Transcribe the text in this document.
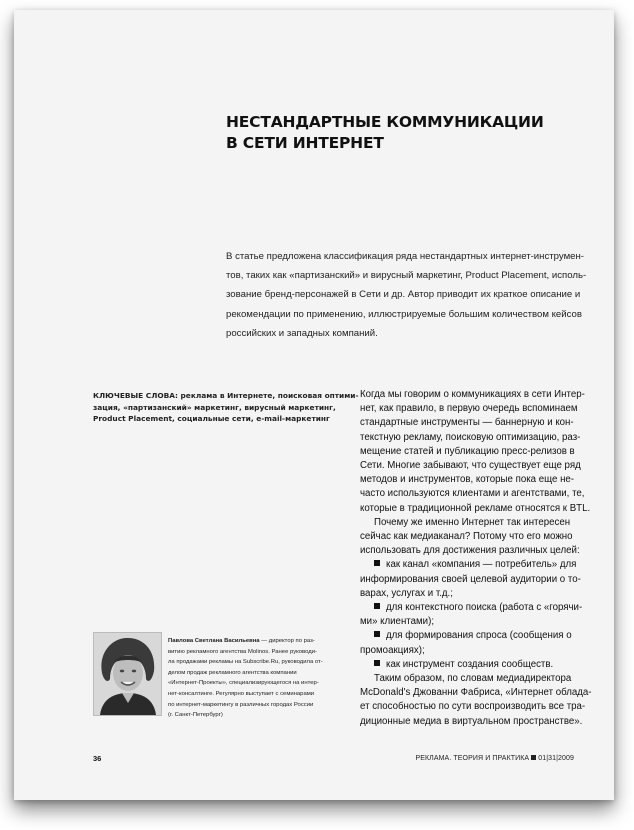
НЕСТАНДАРТНЫЕ КОММУНИКАЦИИ
В СЕТИ ИНТЕРНЕТ
В статье предложена классификация ряда нестандартных интернет-инструмен-
тов, таких как «партизанский» и вирусный маркетинг, Product Placement, исполь-
зование бренд-персонажей в Сети и др. Автор приводит их краткое описание и
рекомендации по применению, иллюстрируемые большим количеством кейсов
российских и западных компаний.
КЛЮЧЕВЫЕ СЛОВА: реклама в Интернете, поисковая оптими-
зация, «партизанский» маркетинг, вирусный маркетинг,
Product Placement, социальные сети, e-mail-маркетинг
Когда мы говорим о коммуникациях в сети Интер-
нет, как правило, в первую очередь вспоминаем
стандартные инструменты — баннерную и кон-
текстную рекламу, поисковую оптимизацию, раз-
мещение статей и публикацию пресс-релизов в
Сети. Многие забывают, что существует еще ряд
методов и инструментов, которые пока еще не-
часто используются клиентами и агентствами, те,
которые в традиционной рекламе относятся к BTL.
Почему же именно Интернет так интересен
сейчас как медиаканал? Потому что его можно
использовать для достижения различных целей:
как канал «компания — потребитель» для
информирования своей целевой аудитории о то-
варах, услугах и т.д.;
для контекстного поиска (работа с «горячи-
ми» клиентами);
для формирования спроса (сообщения о
промоакциях);
как инструмент создания сообществ.
Таким образом, по словам медиадиректора
McDonald's Джованни Фабриса, «Интернет облада-
ет способностью по сути воспроизводить все тра-
диционные медиа в виртуальном пространстве».
Павлова Светлана Васильевна — директор по раз-
витию рекламного агентства Molinos. Ранее руководи-
ла продажами рекламы на Subscribe.Ru, руководила от-
делом продаж рекламного агентства компании
«Интернет-Проекты», специализирующегося на интер-
нет-консалтинге. Регулярно выступает с семинарами
по интернет-маркетингу в различных городах России
(г. Санкт-Петербург)
36	РЕКЛАМА. ТЕОРИЯ И ПРАКТИКА 01|31|2009
